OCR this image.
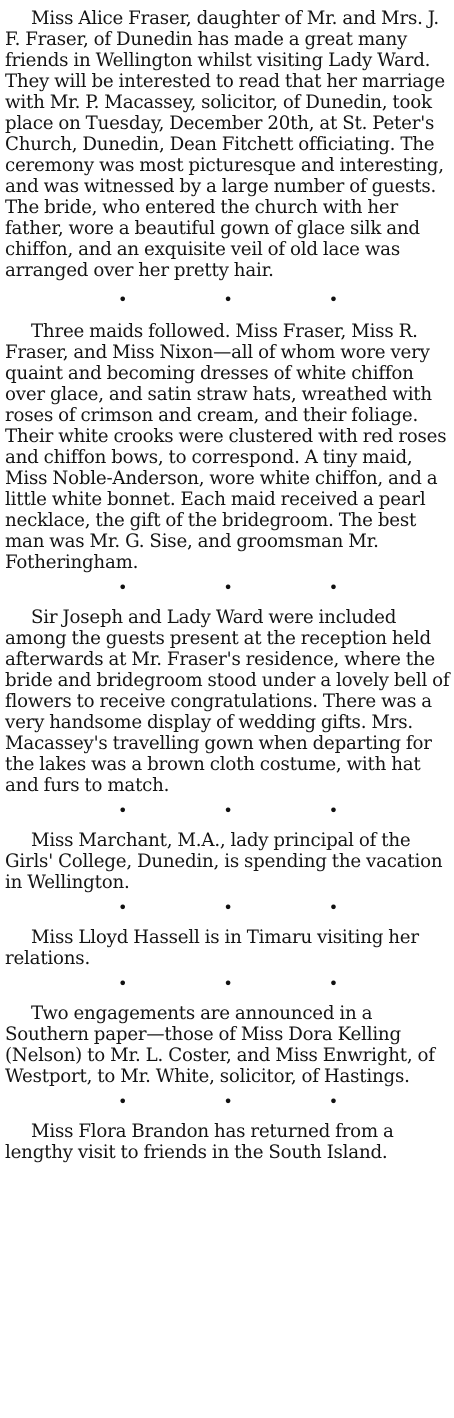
Miss Alice Fraser, daughter of Mr. and Mrs. J. F. Fraser, of Dunedin has made a great many friends in Wellington whilst visiting Lady Ward. They will be interested to read that her marriage with Mr. P. Macassey, solicitor, of Dunedin, took place on Tuesday, December 20th, at St. Peter's Church, Dunedin, Dean Fitchett officiating. The ceremony was most picturesque and interesting, and was witnessed by a large number of guests. The bride, who entered the church with her father, wore a beautiful gown of glace silk and chiffon, and an exquisite veil of old lace was arranged over her pretty hair.

•	•	•

Three maids followed. Miss Fraser, Miss R. Fraser, and Miss Nixon—all of whom wore very quaint and becoming dresses of white chiffon over glace, and satin straw hats, wreathed with roses of crimson and cream, and their foliage. Their white crooks were clustered with red roses and chiffon bows, to correspond. A tiny maid, Miss Noble-Anderson, wore white chiffon, and a little white bonnet. Each maid received a pearl necklace, the gift of the bridegroom. The best man was Mr. G. Sise, and groomsman Mr. Fotheringham.

•	•	•

Sir Joseph and Lady Ward were included among the guests present at the reception held afterwards at Mr. Fraser's residence, where the bride and bridegroom stood under a lovely bell of flowers to receive congratulations. There was a very handsome display of wedding gifts. Mrs. Macassey's travelling gown when departing for the lakes was a brown cloth costume, with hat and furs to match.

•	•	•

Miss Marchant, M.A., lady principal of the Girls' College, Dunedin, is spending the vacation in Wellington.

•	•	•

Miss Lloyd Hassell is in Timaru visiting her relations.

•	•	•

Two engagements are announced in a Southern paper—those of Miss Dora Kelling (Nelson) to Mr. L. Coster, and Miss Enwright, of Westport, to Mr. White, solicitor, of Hastings.

•	•	•

Miss Flora Brandon has returned from a lengthy visit to friends in the South Island.
